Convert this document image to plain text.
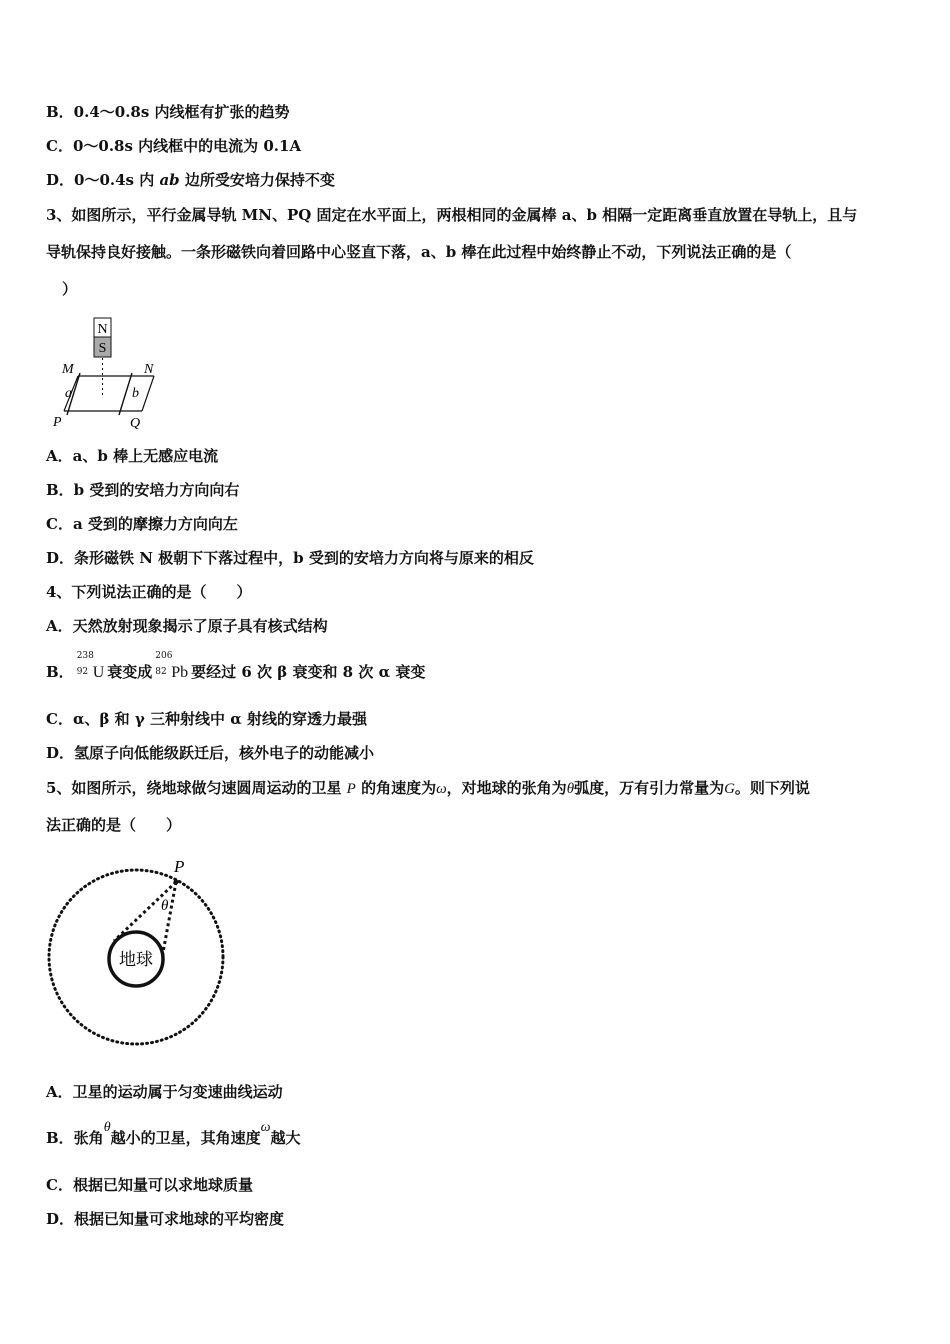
B．0.4～0.8s 内线框有扩张的趋势
C．0～0.8s 内线框中的电流为 0.1A
D．0～0.4s 内 ab 边所受安培力保持不变
3、如图所示，平行金属导轨 MN、PQ 固定在水平面上，两根相同的金属棒 a、b 相隔一定距离垂直放置在导轨上，且与
导轨保持良好接触。一条形磁铁向着回路中心竖直下落，a、b 棒在此过程中始终静止不动，下列说法正确的是（
）
N
S
M	N
a	b
P	Q
A．a、b 棒上无感应电流
B．b 受到的安培力方向向右
C．a 受到的摩擦力方向向左
D．条形磁铁 N 极朝下下落过程中，b 受到的安培力方向将与原来的相反
4、下列说法正确的是（　　）
A．天然放射现象揭示了原子具有核式结构
B．
238
92 U 衰变成
206
82 Pb 要经过 6 次 β 衰变和 8 次 α 衰变
C．α、β 和 γ 三种射线中 α 射线的穿透力最强
D．氢原子向低能级跃迁后，核外电子的动能减小
5、如图所示，绕地球做匀速圆周运动的卫星 P 的角速度为ω，对地球的张角为θ弧度，万有引力常量为G。则下列说
法正确的是（　　）
地球
P
θ
A．卫星的运动属于匀变速曲线运动
B．张角θ越小的卫星，其角速度ω越大
C．根据已知量可以求地球质量
D．根据已知量可求地球的平均密度
